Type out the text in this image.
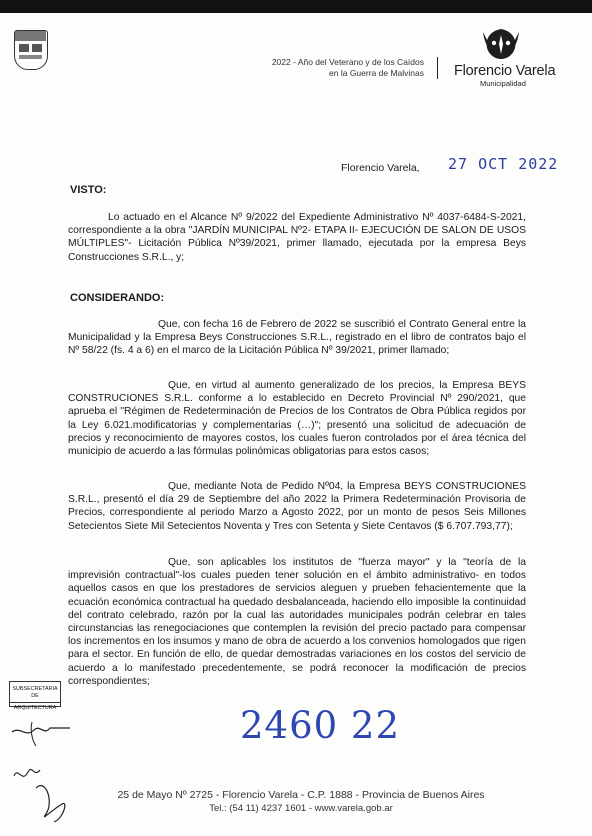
2022 - Año del Veterano y de los Caídos
en la Guerra de Malvinas Florencio Varela
Municipalidad
Florencio Varela, 27 OCT 2022
VISTO:

Lo actuado en el Alcance Nº 9/2022 del Expediente Administrativo Nº 4037-6484-S-2021, correspondiente a la obra "JARDÍN MUNICIPAL Nº2- ETAPA II- EJECUCIÓN DE SALON DE USOS MÚLTIPLES"- Licitación Pública Nº39/2021, primer llamado, ejecutada por la empresa Beys Construcciones S.R.L., y;

CONSIDERANDO:

Que, con fecha 16 de Febrero de 2022 se suscribió el Contrato General entre la Municipalidad y la Empresa Beys Construcciones S.R.L., registrado en el libro de contratos bajo el Nº 58/22 (fs. 4 a 6) en el marco de la Licitación Pública Nº 39/2021, primer llamado;

Que, en virtud al aumento generalizado de los precios, la Empresa BEYS CONSTRUCIONES S.R.L. conforme a lo establecido en Decreto Provincial Nº 290/2021, que aprueba el "Régimen de Redeterminación de Precios de los Contratos de Obra Pública regidos por la Ley 6.021.modificatorias y complementarias (…)"; presentó una solicitud de adecuación de precios y reconocimiento de mayores costos, los cuales fueron controlados por el área técnica del municipio de acuerdo a las fórmulas polinómicas obligatorias para estos casos;

Que, mediante Nota de Pedido Nº04, la Empresa BEYS CONSTRUCIONES S.R.L., presentó el día 29 de Septiembre del año 2022 la Primera Redeterminación Provisoria de Precios, correspondiente al periodo Marzo a Agosto 2022, por un monto de pesos Seis Millones Setecientos Siete Mil Setecientos Noventa y Tres con Setenta y Siete Centavos ($ 6.707.793,77);

Que, son aplicables los institutos de "fuerza mayor" y la "teoría de la imprevisión contractual"-los cuales pueden tener solución en el ámbito administrativo- en todos aquellos casos en que los prestadores de servicios aleguen y prueben fehacientemente que la ecuación económica contractual ha quedado desbalanceada, haciendo ello imposible la continuidad del contrato celebrado, razón por la cual las autoridades municipales podrán celebrar en tales circunstancias las renegociaciones que contemplen la revisión del precio pactado para compensar los incrementos en los insumos y mano de obra de acuerdo a los convenios homologados que rigen para el sector. En función de ello, de quedar demostradas variaciones en los costos del servicio de acuerdo a lo manifestado precedentemente, se podrá reconocer la modificación de precios correspondientes;

SUBSECRETARIA
DE
ARQUITECTURA	2460 22
25 de Mayo Nº 2725 - Florencio Varela - C.P. 1888 - Provincia de Buenos Aires
Tel.: (54 11) 4237 1601 - www.varela.gob.ar
